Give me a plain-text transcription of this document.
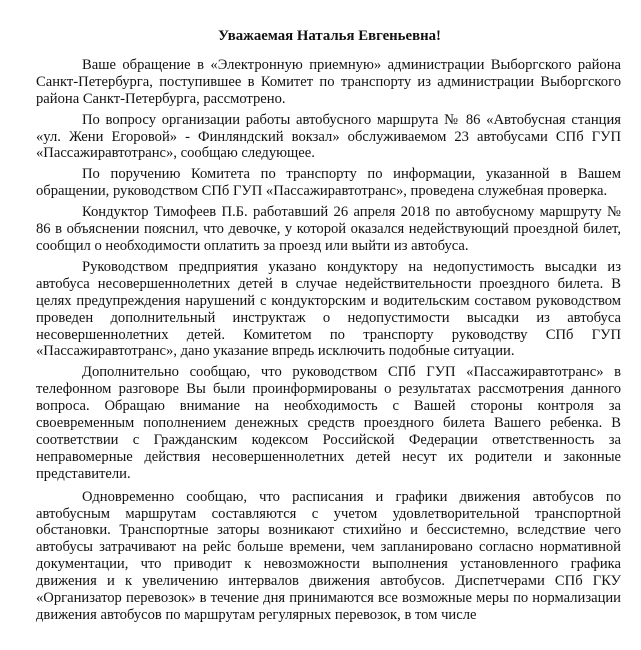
Уважаемая Наталья Евгеньевна!

Ваше обращение в «Электронную приемную» администрации Выборгского района Санкт-Петербурга, поступившее в Комитет по транспорту из администрации Выборгского района Санкт-Петербурга, рассмотрено.

По вопросу организации работы автобусного маршрута № 86 «Автобусная станция «ул. Жени Егоровой» - Финляндский вокзал» обслуживаемом 23 автобусами СПб ГУП «Пассажиравтотранс», сообщаю следующее.

По поручению Комитета по транспорту по информации, указанной в Вашем обращении, руководством СПб ГУП «Пассажиравтотранс», проведена служебная проверка.

Кондуктор Тимофеев П.Б. работавший 26 апреля 2018 по автобусному маршруту № 86 в объяснении пояснил, что девочке, у которой оказался недействующий проездной билет, сообщил о необходимости оплатить за проезд или выйти из автобуса.

Руководством предприятия указано кондуктору на недопустимость высадки из автобуса несовершеннолетних детей в случае недействительности проездного билета. В целях предупреждения нарушений с кондукторским и водительским составом руководством проведен дополнительный инструктаж о недопустимости высадки из автобуса несовершеннолетних детей. Комитетом по транспорту руководству СПб ГУП «Пассажиравтотранс», дано указание впредь исключить подобные ситуации.

Дополнительно сообщаю, что руководством СПб ГУП «Пассажиравтотранс» в телефонном разговоре Вы были проинформированы о результатах рассмотрения данного вопроса. Обращаю внимание на необходимость с Вашей стороны контроля за своевременным пополнением денежных средств проездного билета Вашего ребенка. В соответствии с Гражданским кодексом Российской Федерации ответственность за неправомерные действия несовершеннолетних детей несут их родители и законные представители.

Одновременно сообщаю, что расписания и графики движения автобусов по автобусным маршрутам составляются с учетом удовлетворительной транспортной обстановки. Транспортные заторы возникают стихийно и бессистемно, вследствие чего автобусы затрачивают на рейс больше времени, чем запланировано согласно нормативной документации, что приводит к невозможности выполнения установленного графика движения и к увеличению интервалов движения автобусов. Диспетчерами СПб ГКУ «Организатор перевозок» в течение дня принимаются все возможные меры по нормализации движения автобусов по маршрутам регулярных перевозок, в том числе
